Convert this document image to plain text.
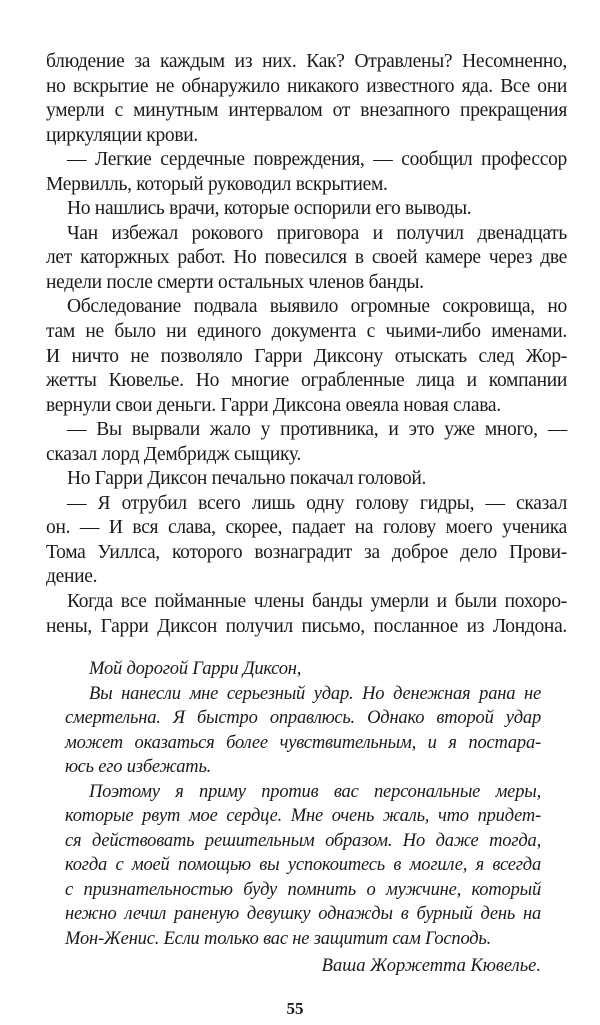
блюдение за каждым из них. Как? Отравлены? Несомненно,
но вскрытие не обнаружило никакого известного яда. Все они
умерли с минутным интервалом от внезапного прекращения
циркуляции крови.
— Легкие сердечные повреждения, — сообщил профессор
Мервилль, который руководил вскрытием.
Но нашлись врачи, которые оспорили его выводы.
Чан избежал рокового приговора и получил двенадцать
лет каторжных работ. Но повесился в своей камере через две
недели после смерти остальных членов банды.
Обследование подвала выявило огромные сокровища, но
там не было ни единого документа с чьими-либо именами.
И ничто не позволяло Гарри Диксону отыскать след Жор-
жетты Кювелье. Но многие ограбленные лица и компании
вернули свои деньги. Гарри Диксона овеяла новая слава.
— Вы вырвали жало у противника, и это уже много, —
сказал лорд Дембридж сыщику.
Но Гарри Диксон печально покачал головой.
— Я отрубил всего лишь одну голову гидры, — сказал
он. — И вся слава, скорее, падает на голову моего ученика
Тома Уиллса, которого вознаградит за доброе дело Прови-
дение.
Когда все пойманные члены банды умерли и были похоро-
нены, Гарри Диксон получил письмо, посланное из Лондона.
Мой дорогой Гарри Диксон,
Вы нанесли мне серьезный удар. Но денежная рана не
смертельна. Я быстро оправлюсь. Однако второй удар
может оказаться более чувствительным, и я постара-
юсь его избежать.
Поэтому я приму против вас персональные меры,
которые рвут мое сердце. Мне очень жаль, что придет-
ся действовать решительным образом. Но даже тогда,
когда с моей помощью вы успокоитесь в могиле, я всегда
с признательностью буду помнить о мужчине, который
нежно лечил раненую девушку однажды в бурный день на
Мон-Женис. Если только вас не защитит сам Господь.
Ваша Жоржетта Кювелье.
55
